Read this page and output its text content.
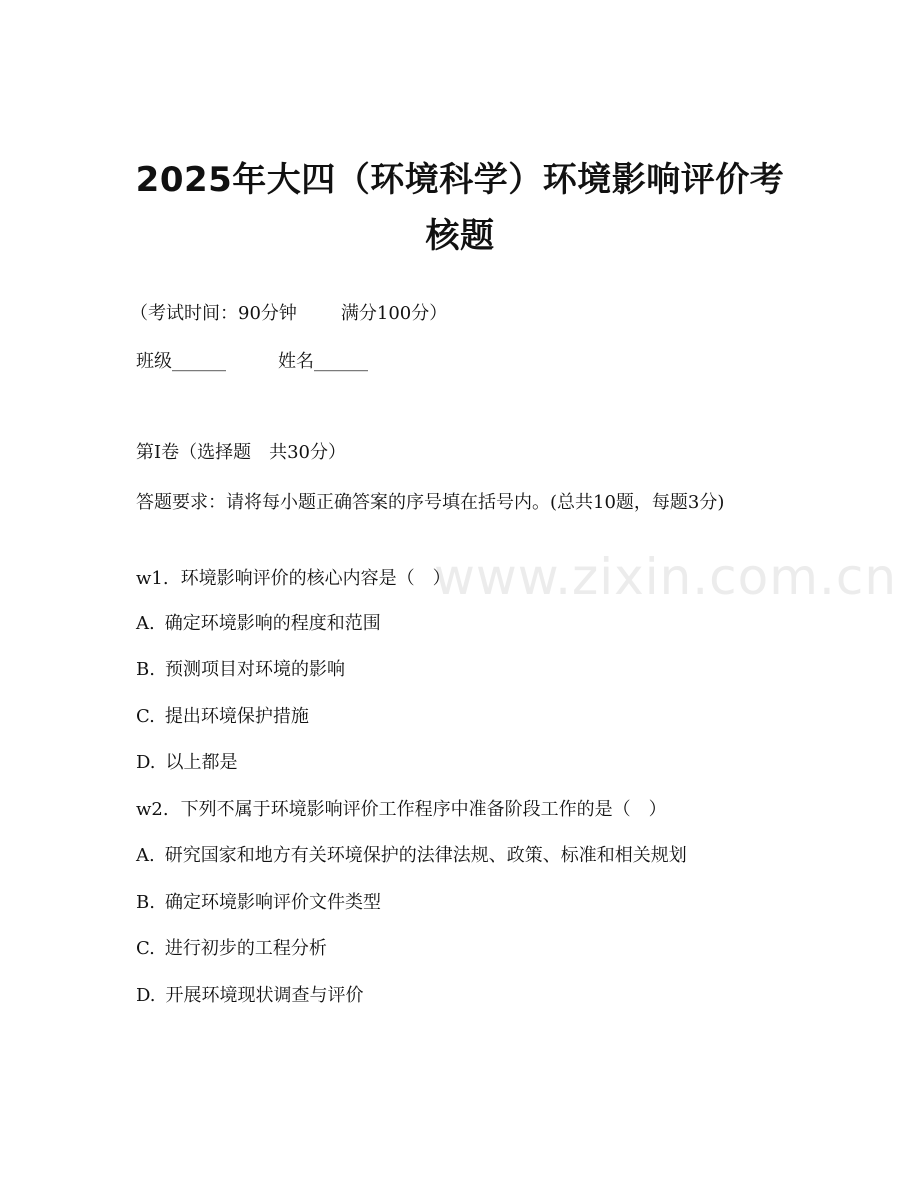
www.zixin.com.cn
2025年大四（环境科学）环境影响评价考核题
（考试时间：90分钟 满分100分）
班级______	姓名______
第I卷（选择题　共30分）
答题要求：请将每小题正确答案的序号填在括号内。(总共10题，每题3分)
w1. 环境影响评价的核心内容是（　）
A. 确定环境影响的程度和范围
B. 预测项目对环境的影响
C. 提出环境保护措施
D. 以上都是
w2. 下列不属于环境影响评价工作程序中准备阶段工作的是（　）
A. 研究国家和地方有关环境保护的法律法规、政策、标准和相关规划
B. 确定环境影响评价文件类型
C. 进行初步的工程分析
D. 开展环境现状调查与评价
